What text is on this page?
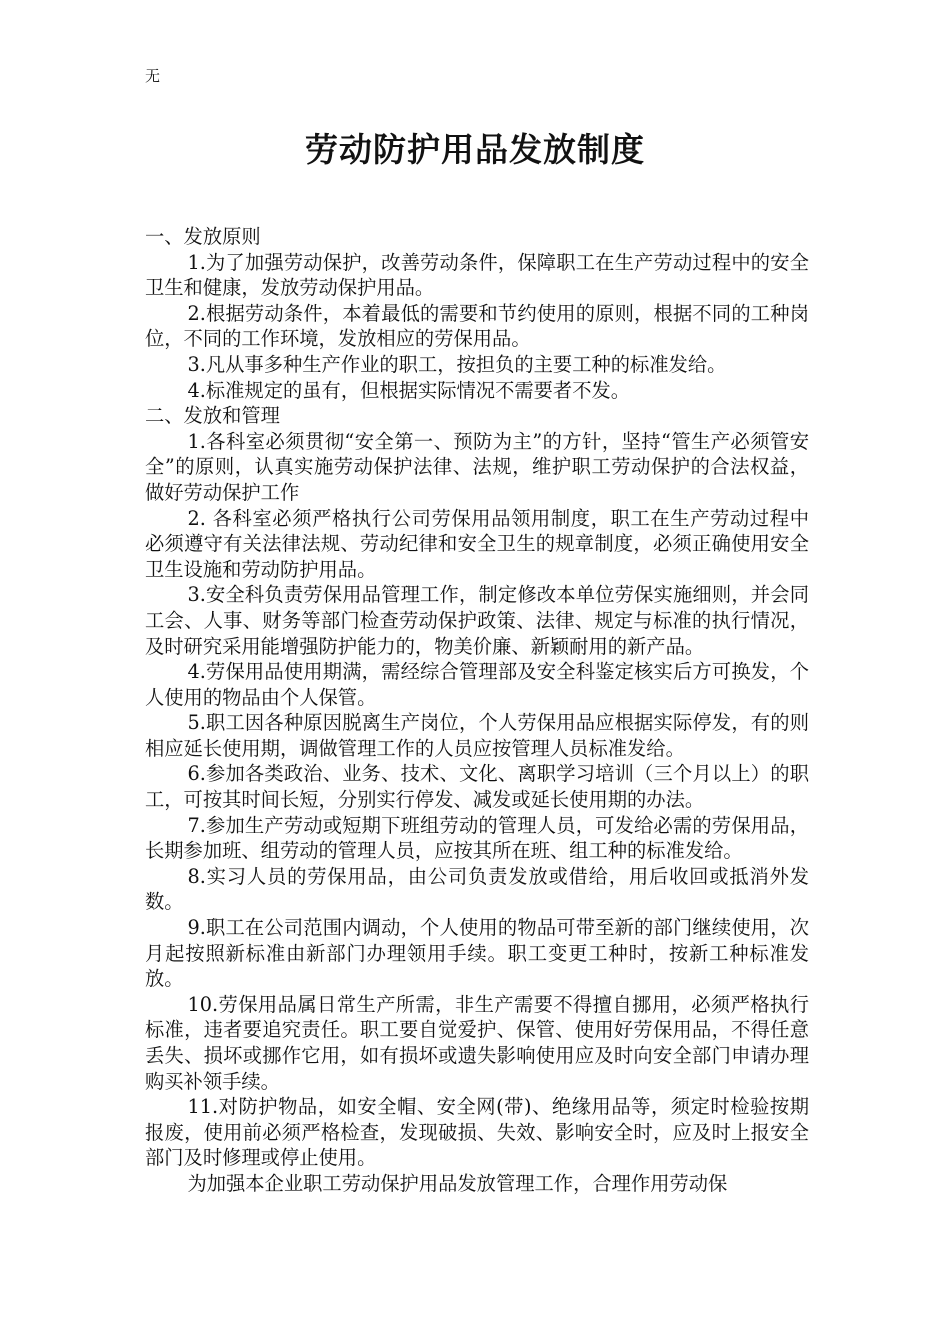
无
劳动防护用品发放制度

一、发放原则

1.为了加强劳动保护，改善劳动条件，保障职工在生产劳动过程中的安全卫生和健康，发放劳动保护用品。

2.根据劳动条件，本着最低的需要和节约使用的原则，根据不同的工种岗位，不同的工作环境，发放相应的劳保用品。

3.凡从事多种生产作业的职工，按担负的主要工种的标准发给。

4.标准规定的虽有，但根据实际情况不需要者不发。

二、发放和管理

1.各科室必须贯彻“安全第一、预防为主”的方针，坚持“管生产必须管安全”的原则，认真实施劳动保护法律、法规，维护职工劳动保护的合法权益，做好劳动保护工作

2. 各科室必须严格执行公司劳保用品领用制度，职工在生产劳动过程中必须遵守有关法律法规、劳动纪律和安全卫生的规章制度，必须正确使用安全卫生设施和劳动防护用品。

3.安全科负责劳保用品管理工作，制定修改本单位劳保实施细则，并会同工会、人事、财务等部门检查劳动保护政策、法律、规定与标准的执行情况，及时研究采用能增强防护能力的，物美价廉、新颖耐用的新产品。

4.劳保用品使用期满，需经综合管理部及安全科鉴定核实后方可换发，个人使用的物品由个人保管。

5.职工因各种原因脱离生产岗位，个人劳保用品应根据实际停发，有的则相应延长使用期，调做管理工作的人员应按管理人员标准发给。

6.参加各类政治、业务、技术、文化、离职学习培训（三个月以上）的职工，可按其时间长短，分别实行停发、减发或延长使用期的办法。

7.参加生产劳动或短期下班组劳动的管理人员，可发给必需的劳保用品，长期参加班、组劳动的管理人员，应按其所在班、组工种的标准发给。

8.实习人员的劳保用品，由公司负责发放或借给，用后收回或抵消外发数。

9.职工在公司范围内调动，个人使用的物品可带至新的部门继续使用，次月起按照新标准由新部门办理领用手续。职工变更工种时，按新工种标准发放。

10.劳保用品属日常生产所需，非生产需要不得擅自挪用，必须严格执行标准，违者要追究责任。职工要自觉爱护、保管、使用好劳保用品，不得任意丢失、损坏或挪作它用，如有损坏或遗失影响使用应及时向安全部门申请办理购买补领手续。

11.对防护物品，如安全帽、安全网(带)、绝缘用品等，须定时检验按期报废，使用前必须严格检查，发现破损、失效、影响安全时，应及时上报安全部门及时修理或停止使用。

为加强本企业职工劳动保护用品发放管理工作，合理作用劳动保
